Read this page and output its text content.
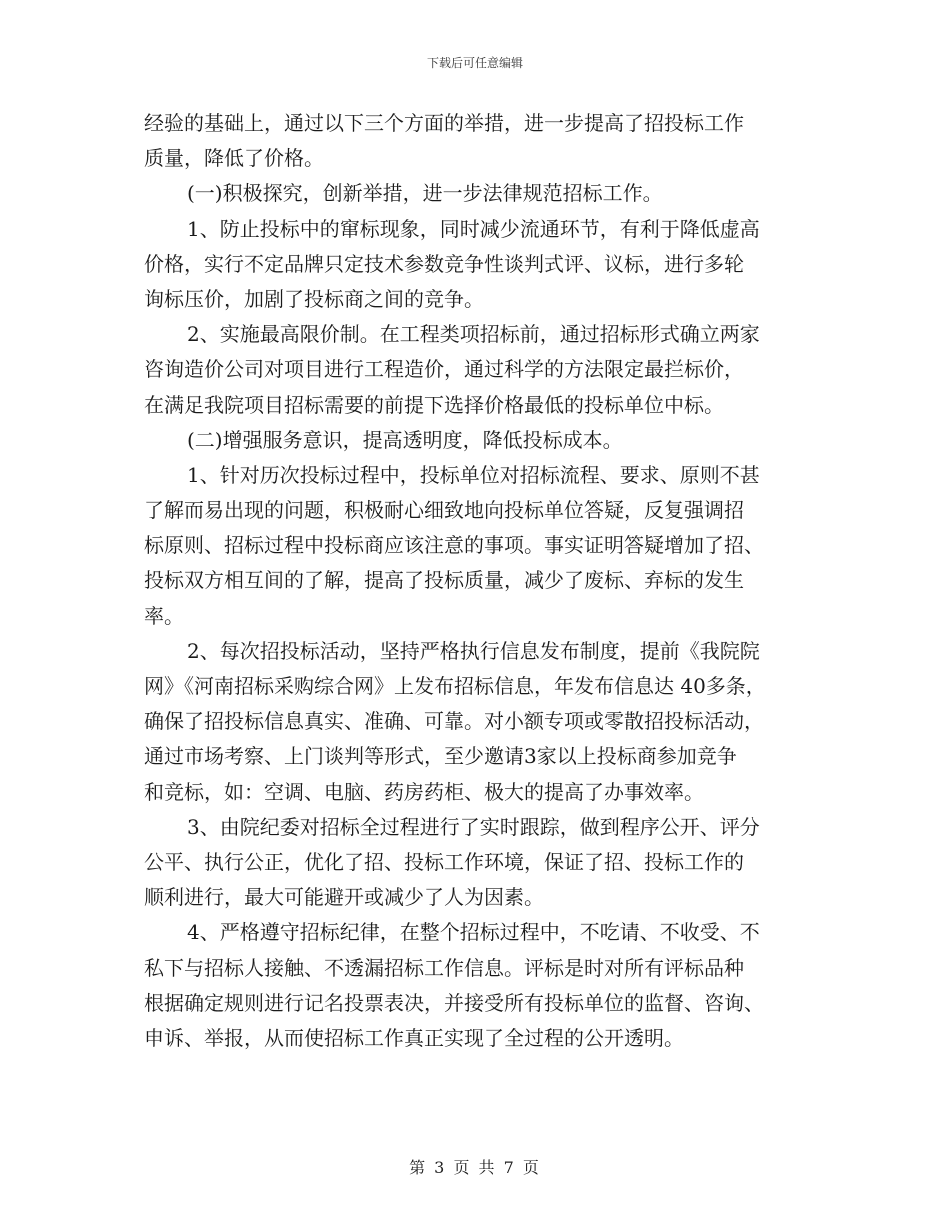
下载后可任意编辑
经验的基础上，通过以下三个方面的举措，进一步提高了招投标工作
质量，降低了价格。
(一)积极探究，创新举措，进一步法律规范招标工作。
1、防止投标中的窜标现象，同时减少流通环节，有利于降低虚高
价格，实行不定品牌只定技术参数竞争性谈判式评、议标，进行多轮
询标压价，加剧了投标商之间的竞争。
2、实施最高限价制。在工程类项招标前，通过招标形式确立两家
咨询造价公司对项目进行工程造价，通过科学的方法限定最拦标价，
在满足我院项目招标需要的前提下选择价格最低的投标单位中标。
(二)增强服务意识，提高透明度，降低投标成本。
1、针对历次投标过程中，投标单位对招标流程、要求、原则不甚
了解而易出现的问题，积极耐心细致地向投标单位答疑，反复强调招
标原则、招标过程中投标商应该注意的事项。事实证明答疑增加了招、
投标双方相互间的了解，提高了投标质量，减少了废标、弃标的发生
率。
2、每次招投标活动，坚持严格执行信息发布制度，提前《我院院
网》《河南招标采购综合网》上发布招标信息，年发布信息达 40多条，
确保了招投标信息真实、准确、可靠。对小额专项或零散招投标活动，
通过市场考察、上门谈判等形式，至少邀请3家以上投标商参加竞争
和竞标，如：空调、电脑、药房药柜、极大的提高了办事效率。
3、由院纪委对招标全过程进行了实时跟踪，做到程序公开、评分
公平、执行公正，优化了招、投标工作环境，保证了招、投标工作的
顺利进行，最大可能避开或减少了人为因素。
4、严格遵守招标纪律，在整个招标过程中，不吃请、不收受、不
私下与招标人接触、不透漏招标工作信息。评标是时对所有评标品种
根据确定规则进行记名投票表决，并接受所有投标单位的监督、咨询、
申诉、举报，从而使招标工作真正实现了全过程的公开透明。
第 3 页 共 7 页
